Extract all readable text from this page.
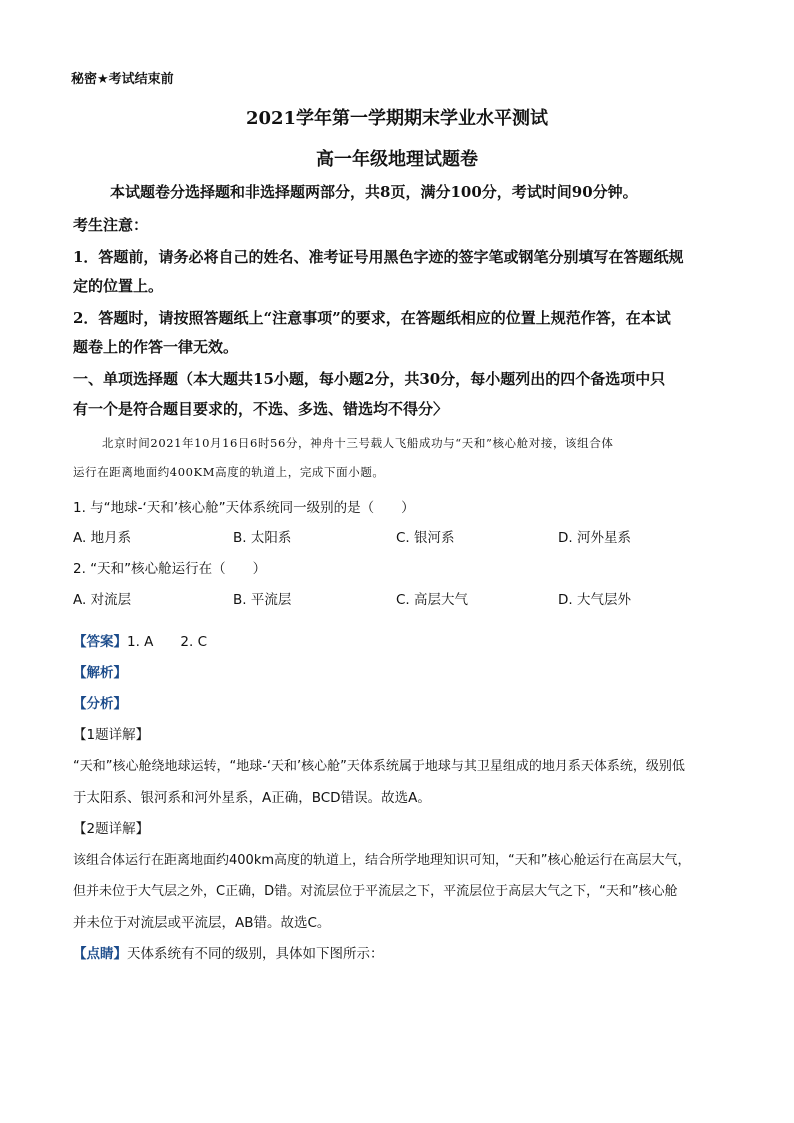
秘密★考试结束前
2021学年第一学期期末学业水平测试
高一年级地理试题卷
本试题卷分选择题和非选择题两部分，共8页，满分100分，考试时间90分钟。
考生注意：
1．答题前，请务必将自己的姓名、准考证号用黑色字迹的签字笔或钢笔分别填写在答题纸规
定的位置上。
2．答题时，请按照答题纸上“注意事项”的要求，在答题纸相应的位置上规范作答，在本试
题卷上的作答一律无效。
一、单项选择题（本大题共15小题，每小题2分，共30分，每小题列出的四个备选项中只
有一个是符合题目要求的，不选、多选、错选均不得分〉
北京时间2021年10月16日6时56分，神舟十三号载人飞船成功与“天和”核心舱对接，该组合体
运行在距离地面约400KM高度的轨道上，完成下面小题。
1. 与“地球-‘天和’核心舱”天体系统同一级别的是（　　）
A. 地月系	B. 太阳系	C. 银河系	D. 河外星系
2. “天和”核心舱运行在（　　）
A. 对流层	B. 平流层	C. 高层大气	D. 大气层外
【答案】1. A　　2. C
【解析】
【分析】
【1题详解】
“天和”核心舱绕地球运转，“地球-‘天和’核心舱”天体系统属于地球与其卫星组成的地月系天体系统，级别低
于太阳系、银河系和河外星系，A正确，BCD错误。故选A。
【2题详解】
该组合体运行在距离地面约400km高度的轨道上，结合所学地理知识可知，“天和”核心舱运行在高层大气，
但并未位于大气层之外，C正确，D错。对流层位于平流层之下，平流层位于高层大气之下，“天和”核心舱
并未位于对流层或平流层，AB错。故选C。
【点睛】天体系统有不同的级别，具体如下图所示：
